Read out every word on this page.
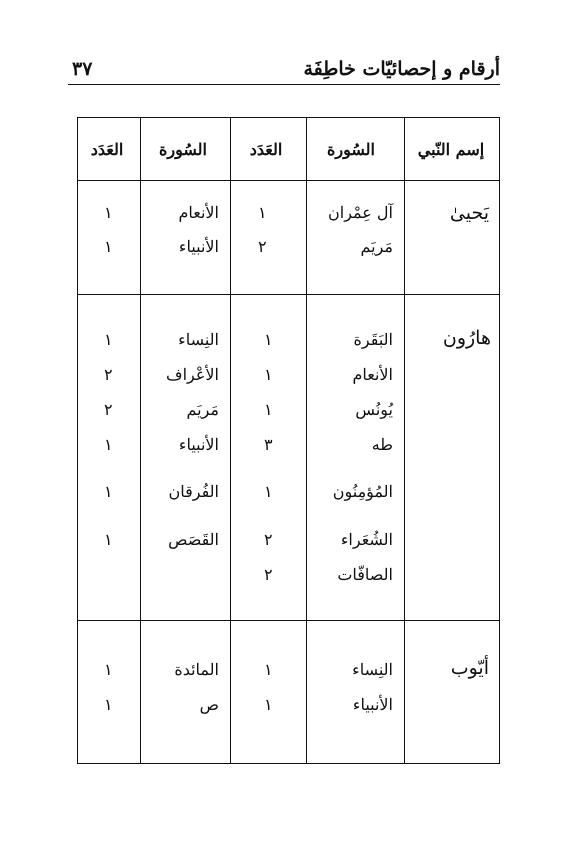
أرقام و إحصائيّات خاطِفَة
٣٧
إسم النّبي
السُورة
العَدَد
السُورة
العَدَد
يَحيىٰ
آل عِمْران
١
الأنعام
١
مَريَم
٢
الأنبياء
١
هارُون
البَقَرة
١
النِساء
١
الأنعام
١
الأعْراف
٢
يُونُس
١
مَريَم
٢
طه
٣
الأنبياء
١
المُؤمِنُون
١
الفُرقان
١
الشُعَراء
٢
القَصَص
١
الصافّات
٢
أيّوب
النِساء
١
المائدة
١
الأنبياء
١
ص
١
